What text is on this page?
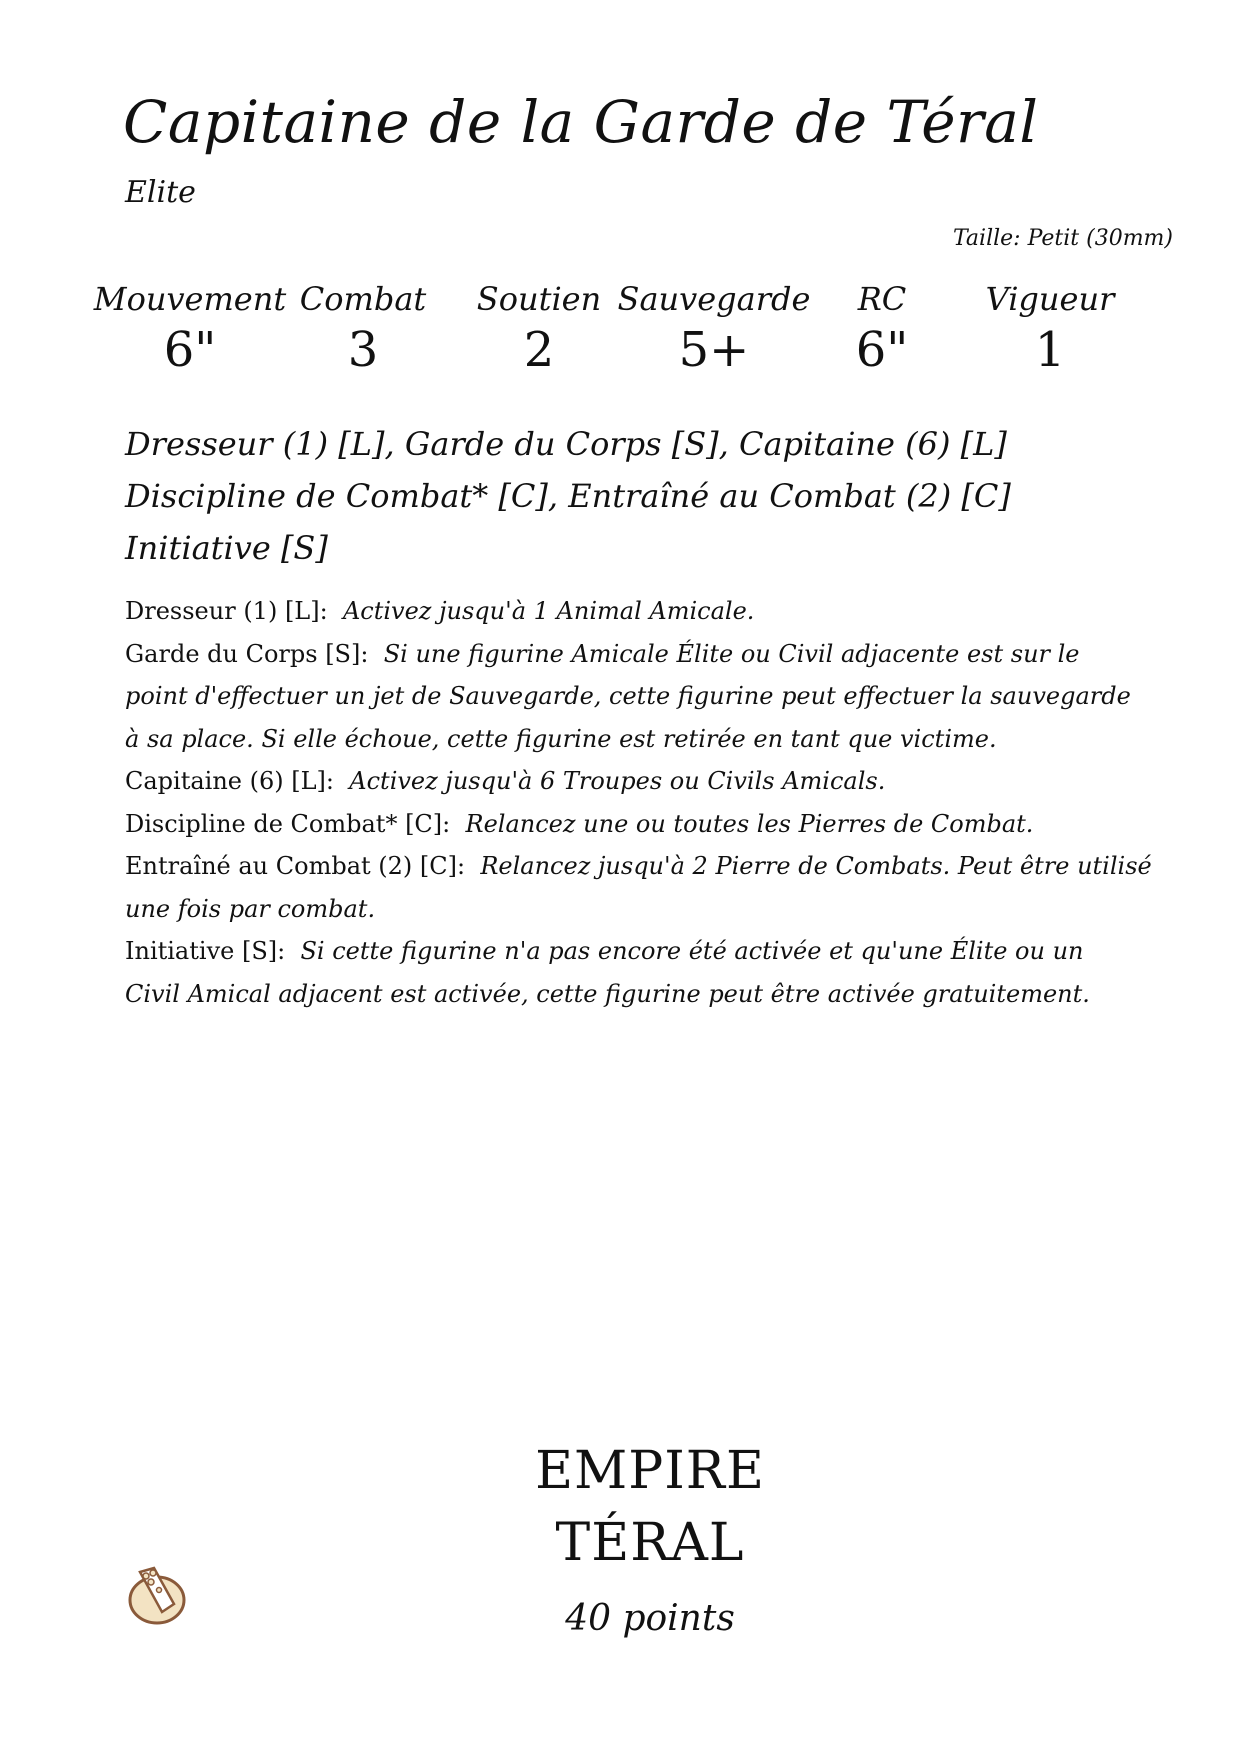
Capitaine de la Garde de Téral
Elite
Taille: Petit (30mm)
Mouvement
6"
Combat
3
Soutien
2
Sauvegarde
5+
RC
6"
Vigueur
1
Dresseur (1) [L], Garde du Corps [S], Capitaine (6) [L]
Discipline de Combat* [C], Entraîné au Combat (2) [C]
Initiative [S]

Dresseur (1) [L]: Activez jusqu'à 1 Animal Amicale.

Garde du Corps [S]: Si une figurine Amicale Élite ou Civil adjacente est sur le

point d'effectuer un jet de Sauvegarde, cette figurine peut effectuer la sauvegarde

à sa place. Si elle échoue, cette figurine est retirée en tant que victime.

Capitaine (6) [L]: Activez jusqu'à 6 Troupes ou Civils Amicals.

Discipline de Combat* [C]: Relancez une ou toutes les Pierres de Combat.

Entraîné au Combat (2) [C]: Relancez jusqu'à 2 Pierre de Combats. Peut être utilisé

une fois par combat.

Initiative [S]: Si cette figurine n'a pas encore été activée et qu'une Élite ou un

Civil Amical adjacent est activée, cette figurine peut être activée gratuitement.

EMPIRE
TÉRAL
40 points
